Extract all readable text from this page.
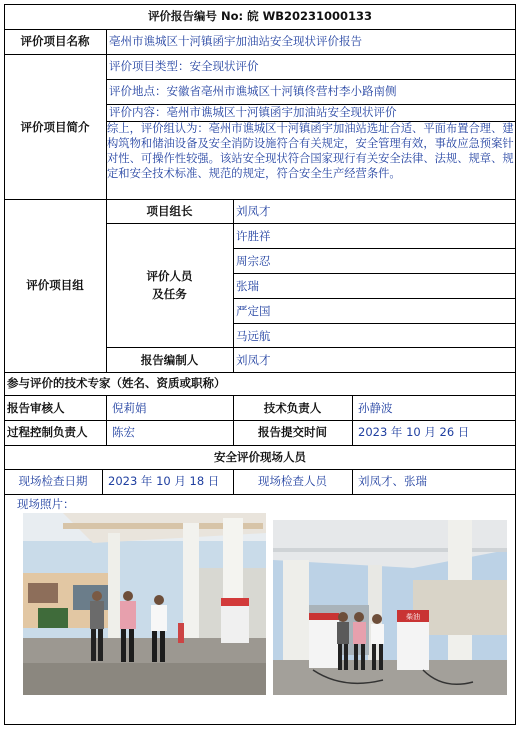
评价报告编号 No: 皖 WB20231000133
评价项目名称	亳州市谯城区十河镇函宇加油站安全现状评价报告
评价项目简介
评价项目类型：安全现状评价
评价地点：安徽省亳州市谯城区十河镇佟营村李小路南侧
评价内容：亳州市谯城区十河镇函宇加油站安全现状评价
综上，评价组认为：亳州市谯城区十河镇函宇加油站选址合适、平面布置合理、建构筑物和储油设备及安全消防设施符合有关规定，安全管理有效，事故应急预案针对性、可操作性较强。该站安全现状符合国家现行有关安全法律、法规、规章、规定和安全技术标准、规范的规定，符合安全生产经营条件。
评价项目组
项目组长	刘凤才
评价人员
及任务
许胜祥
周宗忍
张瑞
严定国
马远航
报告编制人	刘凤才
参与评价的技术专家（姓名、资质或职称）
报告审核人	倪莉娟	技术负责人	孙静波
过程控制负责人 陈宏	报告提交时间	2023 年 10 月 26 日
安全评价现场人员
现场检查日期	2023 年 10 月 18 日	现场检查人员	刘凤才、张瑞
现场照片：
柴油
